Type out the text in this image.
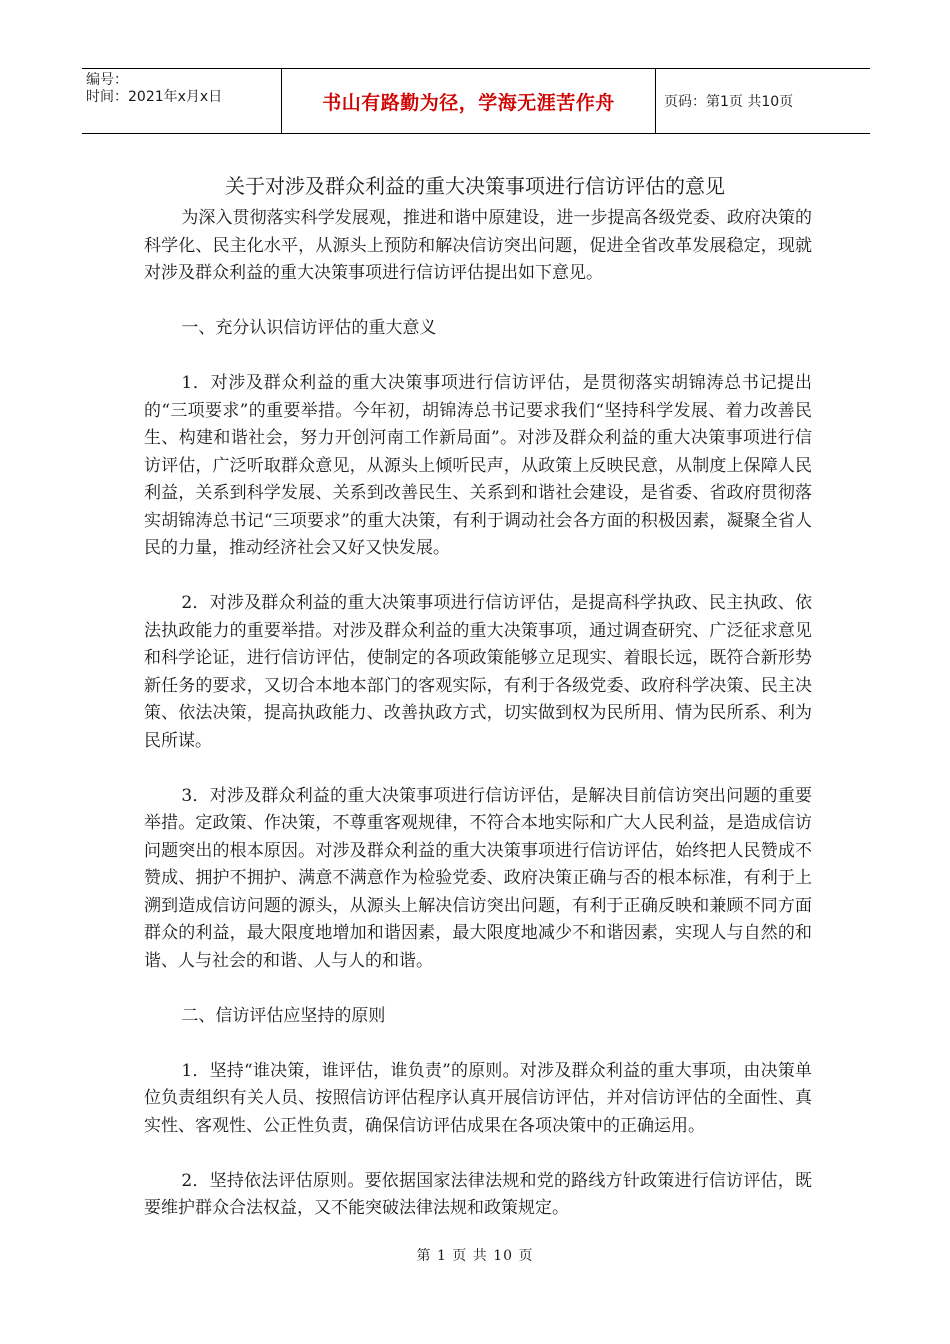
编号：
时间：2021年x月x日	书山有路勤为径，学海无涯苦作舟	页码：第1页 共10页
关于对涉及群众利益的重大决策事项进行信访评估的意见

为深入贯彻落实科学发展观，推进和谐中原建设，进一步提高各级党委、政府决策的科学化、民主化水平，从源头上预防和解决信访突出问题，促进全省改革发展稳定，现就对涉及群众利益的重大决策事项进行信访评估提出如下意见。

一、充分认识信访评估的重大意义

1．对涉及群众利益的重大决策事项进行信访评估，是贯彻落实胡锦涛总书记提出的“三项要求”的重要举措。今年初，胡锦涛总书记要求我们“坚持科学发展、着力改善民生、构建和谐社会，努力开创河南工作新局面”。对涉及群众利益的重大决策事项进行信访评估，广泛听取群众意见，从源头上倾听民声，从政策上反映民意，从制度上保障人民利益，关系到科学发展、关系到改善民生、关系到和谐社会建设，是省委、省政府贯彻落实胡锦涛总书记“三项要求”的重大决策，有利于调动社会各方面的积极因素，凝聚全省人民的力量，推动经济社会又好又快发展。

2．对涉及群众利益的重大决策事项进行信访评估，是提高科学执政、民主执政、依法执政能力的重要举措。对涉及群众利益的重大决策事项，通过调查研究、广泛征求意见和科学论证，进行信访评估，使制定的各项政策能够立足现实、着眼长远，既符合新形势新任务的要求，又切合本地本部门的客观实际，有利于各级党委、政府科学决策、民主决策、依法决策，提高执政能力、改善执政方式，切实做到权为民所用、情为民所系、利为民所谋。

3．对涉及群众利益的重大决策事项进行信访评估，是解决目前信访突出问题的重要举措。定政策、作决策，不尊重客观规律，不符合本地实际和广大人民利益，是造成信访问题突出的根本原因。对涉及群众利益的重大决策事项进行信访评估，始终把人民赞成不赞成、拥护不拥护、满意不满意作为检验党委、政府决策正确与否的根本标准，有利于上溯到造成信访问题的源头，从源头上解决信访突出问题，有利于正确反映和兼顾不同方面群众的利益，最大限度地增加和谐因素，最大限度地减少不和谐因素，实现人与自然的和谐、人与社会的和谐、人与人的和谐。

二、信访评估应坚持的原则

1．坚持“谁决策，谁评估，谁负责”的原则。对涉及群众利益的重大事项，由决策单位负责组织有关人员、按照信访评估程序认真开展信访评估，并对信访评估的全面性、真实性、客观性、公正性负责，确保信访评估成果在各项决策中的正确运用。

2．坚持依法评估原则。要依据国家法律法规和党的路线方针政策进行信访评估，既要维护群众合法权益，又不能突破法律法规和政策规定。

第 1 页 共 10 页
